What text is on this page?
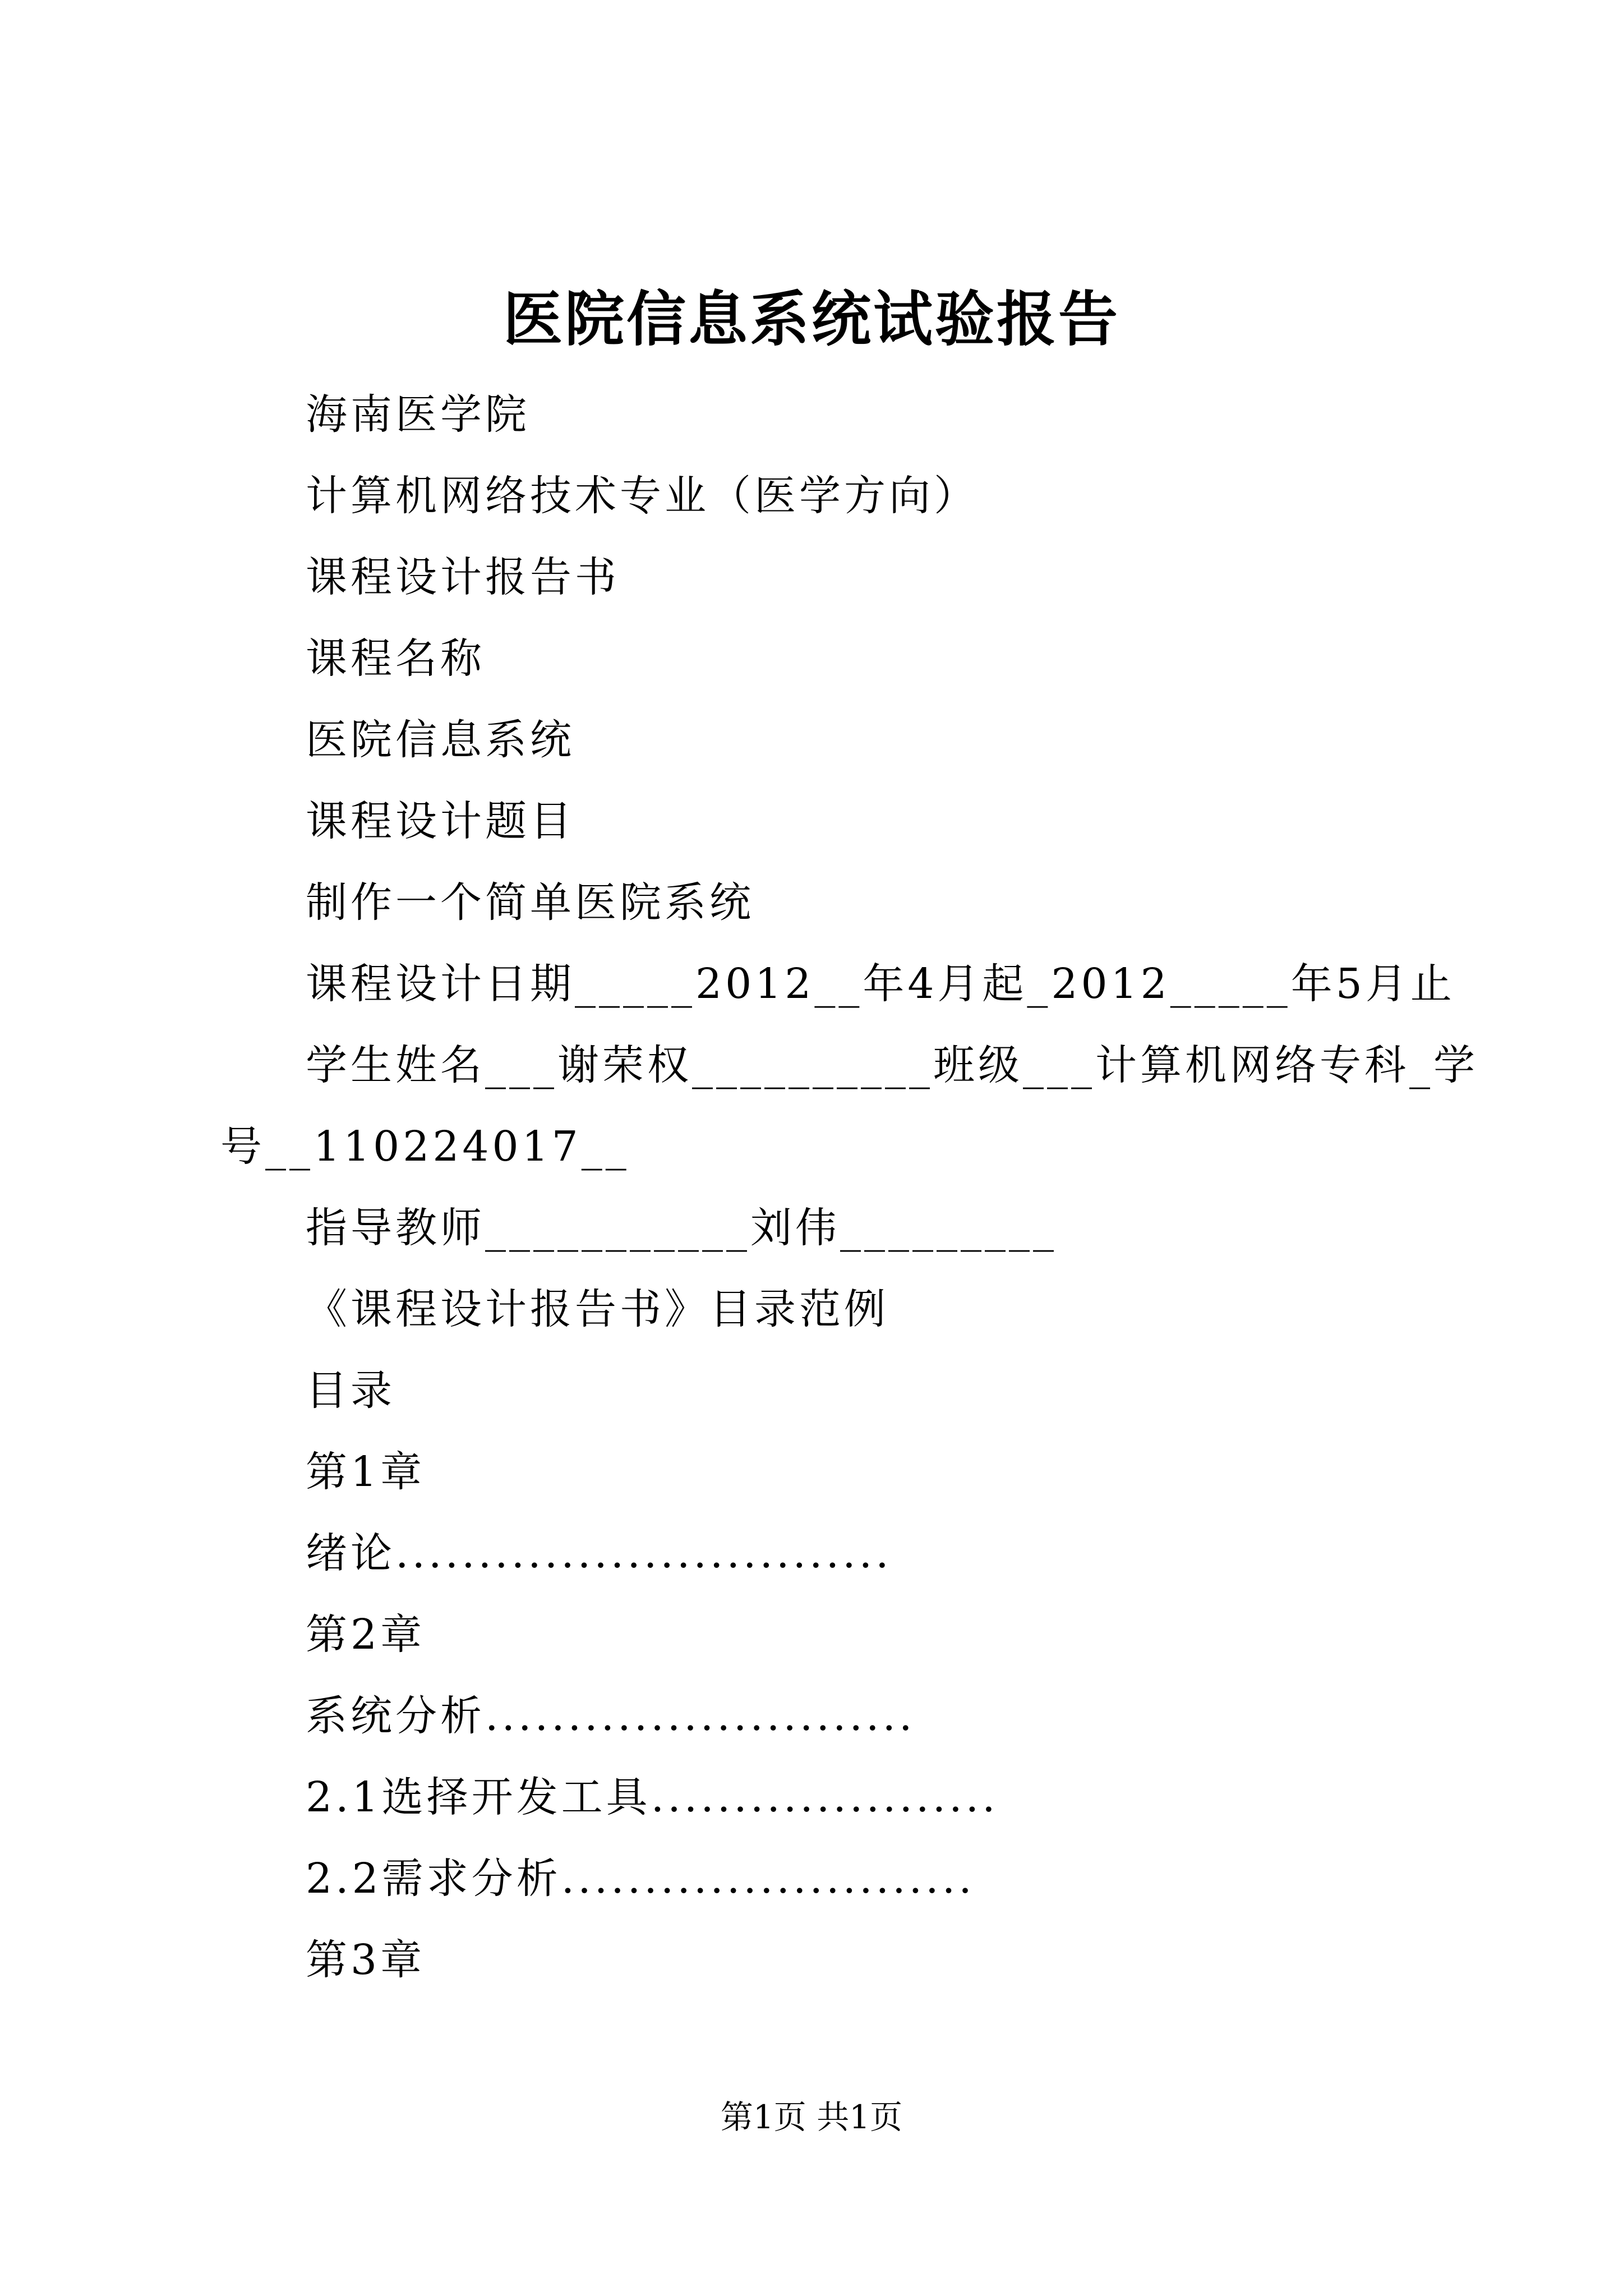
医院信息系统试验报告
海南医学院
计算机网络技术专业（医学方向）
课程设计报告书
课程名称
医院信息系统
课程设计题目
制作一个简单医院系统
课程设计日期_____2012__年4月起_2012_____年5月止
学生姓名___谢荣权__________班级___计算机网络专科_学
号__110224017__
指导教师___________刘伟_________
《课程设计报告书》目录范例
目录
第1章
绪论..............................
第2章
系统分析..........................
2.1选择开发工具.....................
2.2需求分析.........................
第3章
第1页 共1页
